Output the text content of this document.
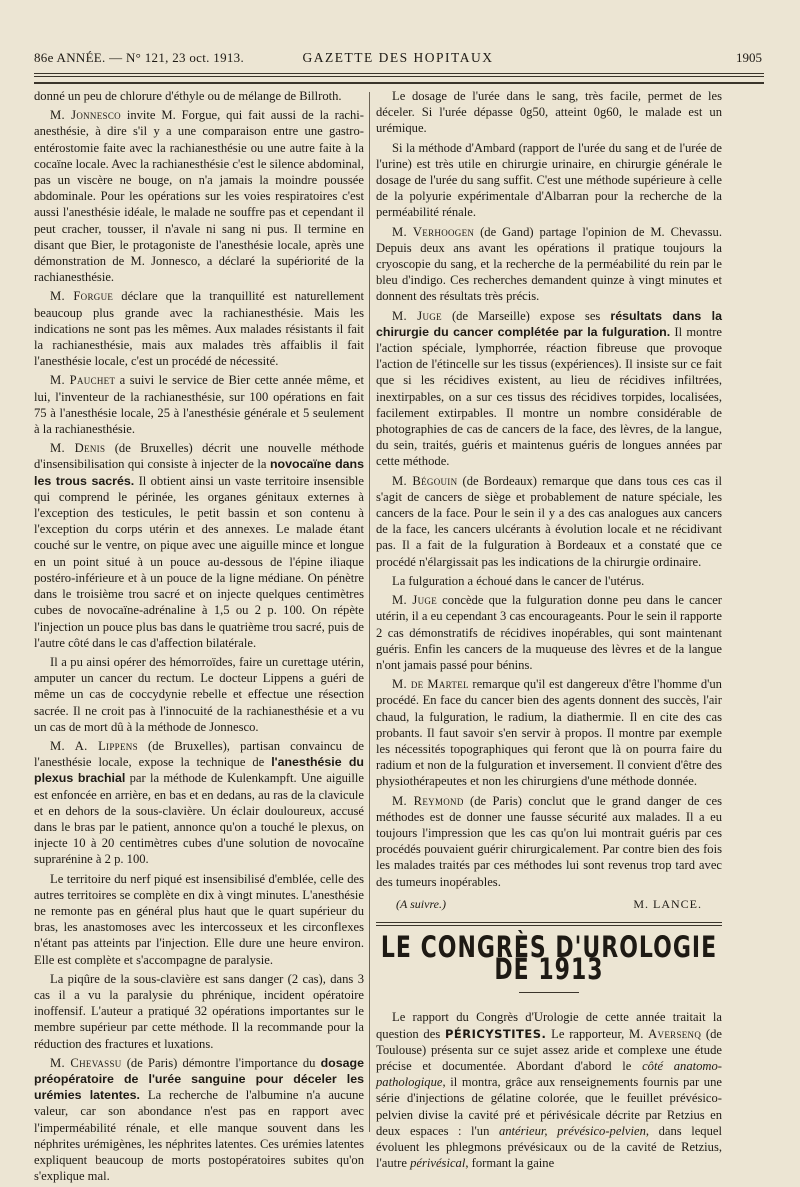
86e ANNÉE. — N° 121, 23 oct. 1913.	GAZETTE DES HOPITAUX	1905

donné un peu de chlorure d'éthyle ou de mélange de Billroth.

M. Jonnesco invite M. Forgue, qui fait aussi de la rachi-anesthésie, à dire s'il y a une comparaison entre une gastro-entérostomie faite avec la rachianesthésie ou une autre faite à la cocaïne locale. Avec la rachianesthésie c'est le silence abdominal, pas un viscère ne bouge, on n'a jamais la moindre poussée abdominale. Pour les opérations sur les voies respiratoires c'est aussi l'anesthésie idéale, le malade ne souffre pas et cependant il peut cracher, tousser, il n'avale ni sang ni pus. Il termine en disant que Bier, le protagoniste de l'anesthésie locale, après une démonstration de M. Jonnesco, a déclaré la supériorité de la rachianesthésie.

M. Forgue déclare que la tranquillité est naturellement beaucoup plus grande avec la rachianesthésie. Mais les indications ne sont pas les mêmes. Aux malades résistants il fait la rachianesthésie, mais aux malades très affaiblis il fait l'anesthésie locale, c'est un procédé de nécessité.

M. Pauchet a suivi le service de Bier cette année même, et lui, l'inventeur de la rachianesthésie, sur 100 opérations en fait 75 à l'anesthésie locale, 25 à l'anesthésie générale et 5 seulement à la rachianesthésie.

M. Denis (de Bruxelles) décrit une nouvelle méthode d'insensibilisation qui consiste à injecter de la novocaïne dans les trous sacrés. Il obtient ainsi un vaste territoire insensible qui comprend le périnée, les organes génitaux externes à l'exception des testicules, le petit bassin et son contenu à l'exception du corps utérin et des annexes. Le malade étant couché sur le ventre, on pique avec une aiguille mince et longue en un point situé à un pouce au-dessous de l'épine iliaque postéro-inférieure et à un pouce de la ligne médiane. On pénètre dans le troisième trou sacré et on injecte quelques centimètres cubes de novocaïne-adrénaline à 1,5 ou 2 p. 100. On répète l'injection un pouce plus bas dans le quatrième trou sacré, puis de l'autre côté dans le cas d'affection bilatérale.

Il a pu ainsi opérer des hémorroïdes, faire un curettage utérin, amputer un cancer du rectum. Le docteur Lippens a guéri de même un cas de coccydynie rebelle et effectue une résection sacrée. Il ne croit pas à l'innocuité de la rachianesthésie et a vu un cas de mort dû à la méthode de Jonnesco.

M. A. Lippens (de Bruxelles), partisan convaincu de l'anesthésie locale, expose la technique de l'anesthésie du plexus brachial par la méthode de Kulenkampft. Une aiguille est enfoncée en arrière, en bas et en dedans, au ras de la clavicule et en dehors de la sous-clavière. Un éclair douloureux, accusé dans le bras par le patient, annonce qu'on a touché le plexus, on injecte 10 à 20 centimètres cubes d'une solution de novocaïne suprarénine à 2 p. 100.

Le territoire du nerf piqué est insensibilisé d'emblée, celle des autres territoires se complète en dix à vingt minutes. L'anesthésie ne remonte pas en général plus haut que le quart supérieur du bras, les anastomoses avec les intercosseux et les circonflexes n'étant pas atteints par l'injection. Elle dure une heure environ. Elle est complète et s'accompagne de paralysie.

La piqûre de la sous-clavière est sans danger (2 cas), dans 3 cas il a vu la paralysie du phrénique, incident opératoire inoffensif. L'auteur a pratiqué 32 opérations importantes sur le membre supérieur par cette méthode. Il la recommande pour la réduction des fractures et luxations.

M. Chevassu (de Paris) démontre l'importance du dosage préopératoire de l'urée sanguine pour déceler les urémies latentes. La recherche de l'albumine n'a aucune valeur, car son abondance n'est pas en rapport avec l'imperméabilité rénale, et elle manque souvent dans les néphrites urémigènes, les néphrites latentes. Ces urémies latentes expliquent beaucoup de morts postopératoires subites qu'on s'explique mal.

Le dosage de l'urée dans le sang, très facile, permet de les déceler. Si l'urée dépasse 0g50, atteint 0g60, le malade est un urémique.

Si la méthode d'Ambard (rapport de l'urée du sang et de l'urée de l'urine) est très utile en chirurgie urinaire, en chirurgie générale le dosage de l'urée du sang suffit. C'est une méthode supérieure à celle de la polyurie expérimentale d'Albarran pour la recherche de la perméabilité rénale.

M. Verhoogen (de Gand) partage l'opinion de M. Chevassu. Depuis deux ans avant les opérations il pratique toujours la cryoscopie du sang, et la recherche de la perméabilité du rein par le bleu d'indigo. Ces recherches demandent quinze à vingt minutes et donnent des résultats très précis.

M. Juge (de Marseille) expose ses résultats dans la chirurgie du cancer complétée par la fulguration. Il montre l'action spéciale, lymphorrée, réaction fibreuse que provoque l'action de l'étincelle sur les tissus (expériences). Il insiste sur ce fait que si les récidives existent, au lieu de récidives infiltrées, inextirpables, on a sur ces tissus des récidives torpides, localisées, facilement extirpables. Il montre un nombre considérable de photographies de cas de cancers de la face, des lèvres, de la langue, du sein, traités, guéris et maintenus guéris de longues années par cette méthode.

M. Bégouin (de Bordeaux) remarque que dans tous ces cas il s'agit de cancers de siège et probablement de nature spéciale, les cancers de la face. Pour le sein il y a des cas analogues aux cancers de la face, les cancers ulcérants à évolution locale et ne récidivant pas. Il a fait de la fulguration à Bordeaux et a constaté que ce procédé n'élargissait pas les indications de la chirurgie ordinaire.

La fulguration a échoué dans le cancer de l'utérus.

M. Juge concède que la fulguration donne peu dans le cancer utérin, il a eu cependant 3 cas encourageants. Pour le sein il rapporte 2 cas démonstratifs de récidives inopérables, qui sont maintenant guéris. Enfin les cancers de la muqueuse des lèvres et de la langue n'ont jamais passé pour bénins.

M. de Martel remarque qu'il est dangereux d'être l'homme d'un procédé. En face du cancer bien des agents donnent des succès, l'air chaud, la fulguration, le radium, la diathermie. Il en cite des cas probants. Il faut savoir s'en servir à propos. Il montre par exemple les nécessités topographiques qui feront que là on pourra faire du radium et non de la fulguration et inversement. Il convient d'être des physiothérapeutes et non les chirurgiens d'une méthode donnée.

M. Reymond (de Paris) conclut que le grand danger de ces méthodes est de donner une fausse sécurité aux malades. Il a eu toujours l'impression que les cas qu'on lui montrait guéris par ces procédés pouvaient guérir chirurgicalement. Par contre bien des fois les malades traités par ces méthodes lui sont revenus trop tard avec des tumeurs inopérables.

(A suivre.)	M. LANCE.
LE CONGRÈS D'UROLOGIE DE 1913

Le rapport du Congrès d'Urologie de cette année traitait la question des PÉRICYSTITES. Le rapporteur, M. Aversenq (de Toulouse) présenta sur ce sujet assez aride et complexe une étude précise et documentée. Abordant d'abord le côté anatomo-pathologique, il montra, grâce aux renseignements fournis par une série d'injections de gélatine colorée, que le feuillet prévésico-pelvien divise la cavité pré et périvésicale décrite par Retzius en deux espaces : l'un antérieur, prévésico-pelvien, dans lequel évoluent les phlegmons prévésicaux ou de la cavité de Retzius, l'autre périvésical, formant la gaine
